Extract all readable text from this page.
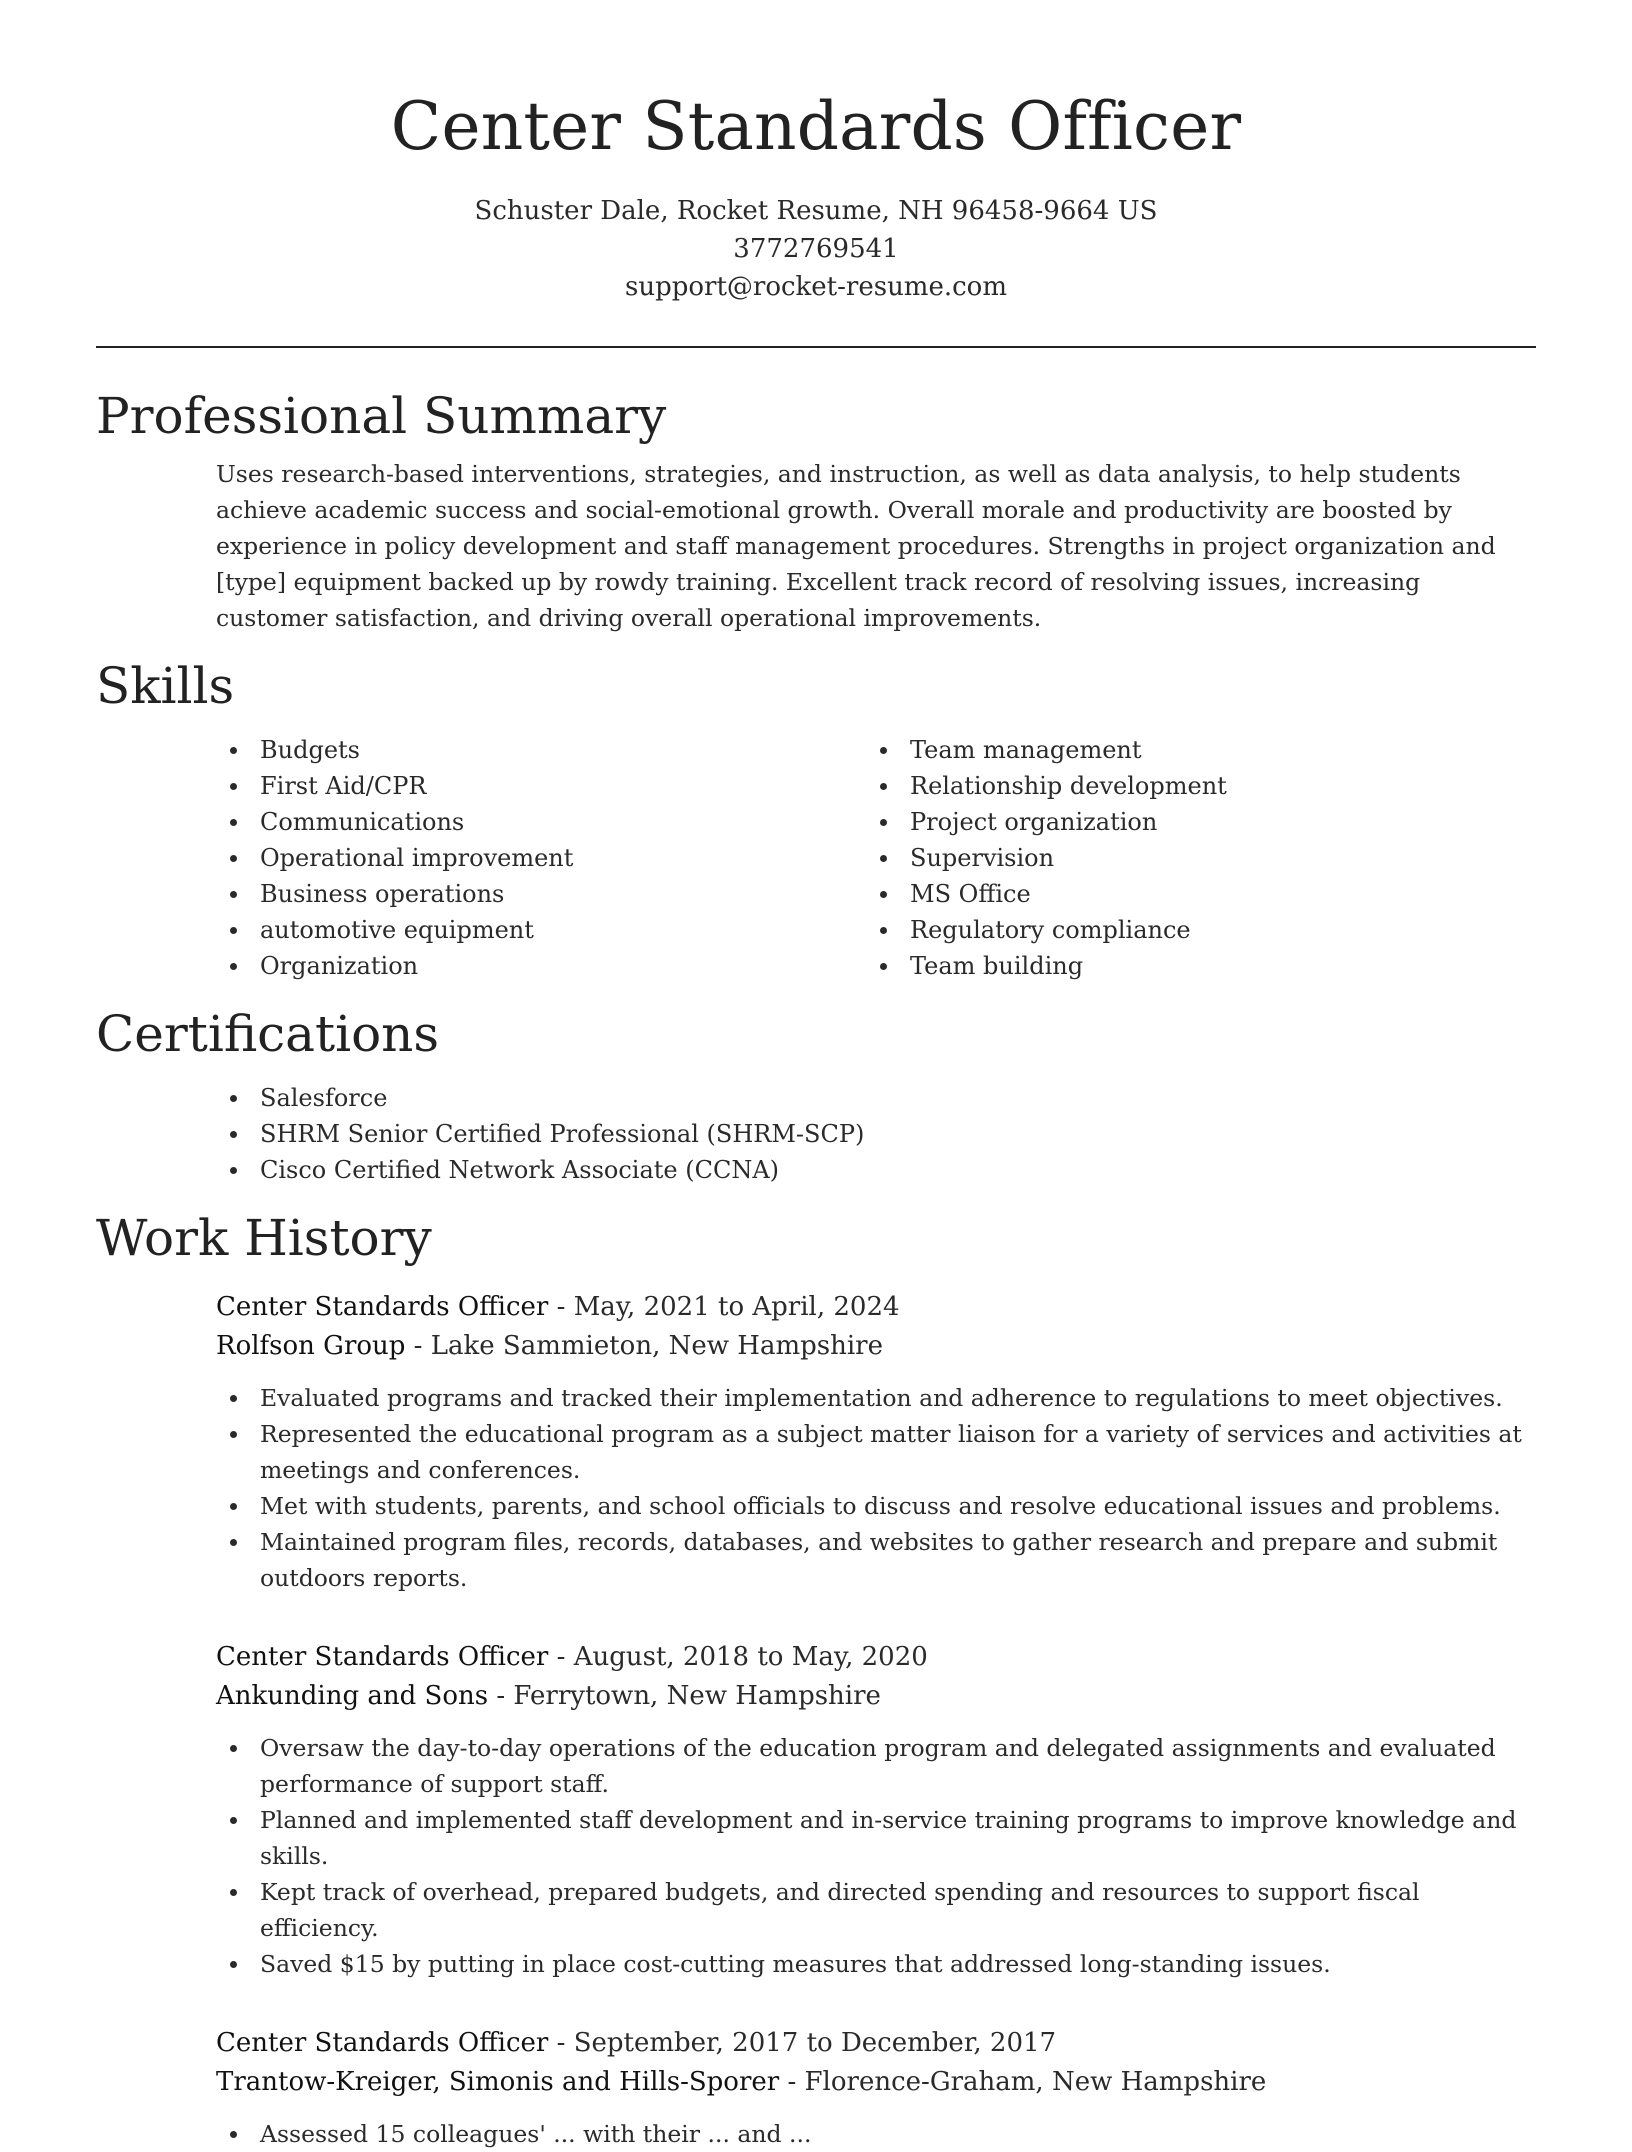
Center Standards Officer
Schuster Dale, Rocket Resume, NH 96458-9664 US
3772769541
support@rocket-resume.com
Professional Summary

Uses research-based interventions, strategies, and instruction, as well as data analysis, to help students achieve academic success and social-emotional growth. Overall morale and productivity are boosted by experience in policy development and staff management procedures. Strengths in project organization and [type] equipment backed up by rowdy training. Excellent track record of resolving issues, increasing customer satisfaction, and driving overall operational improvements.

Skills
Budgets
First Aid/CPR
Communications
Operational improvement
Business operations
automotive equipment
Organization
Team management
Relationship development
Project organization
Supervision
MS Office
Regulatory compliance
Team building
Certifications
Salesforce
SHRM Senior Certified Professional (SHRM-SCP)
Cisco Certified Network Associate (CCNA)
Work History
Center Standards Officer - May, 2021 to April, 2024
Rolfson Group - Lake Sammieton, New Hampshire
Evaluated programs and tracked their implementation and adherence to regulations to meet objectives.
Represented the educational program as a subject matter liaison for a variety of services and activities at meetings and conferences.
Met with students, parents, and school officials to discuss and resolve educational issues and problems.
Maintained program files, records, databases, and websites to gather research and prepare and submit outdoors reports.
Center Standards Officer - August, 2018 to May, 2020
Ankunding and Sons - Ferrytown, New Hampshire
Oversaw the day-to-day operations of the education program and delegated assignments and evaluated performance of support staff.
Planned and implemented staff development and in-service training programs to improve knowledge and skills.
Kept track of overhead, prepared budgets, and directed spending and resources to support fiscal efficiency.
Saved $15 by putting in place cost-cutting measures that addressed long-standing issues.
Center Standards Officer - September, 2017 to December, 2017
Trantow-Kreiger, Simonis and Hills-Sporer - Florence-Graham, New Hampshire
Assessed 15 colleagues' ... with their ... and ...
